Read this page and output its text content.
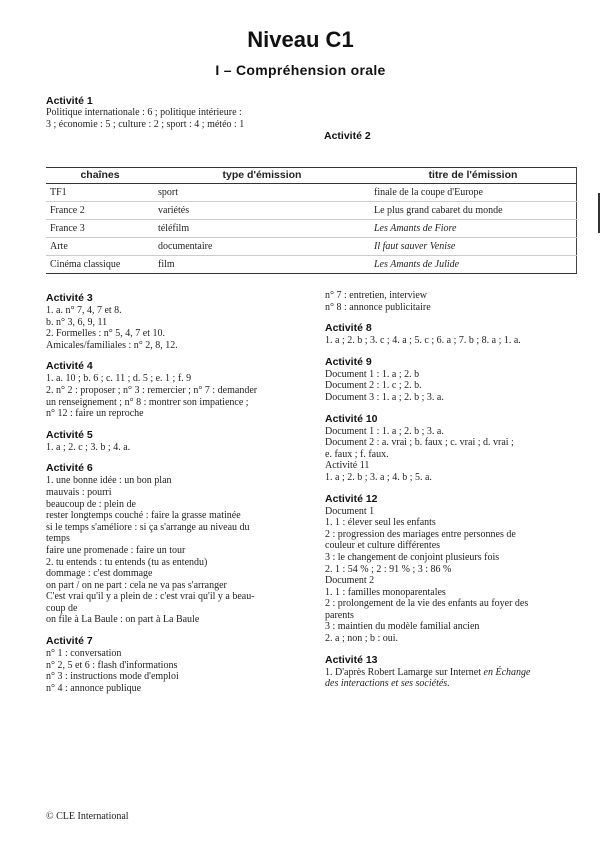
Niveau C1
I – Compréhension orale
Activité 1
Politique internationale : 6 ; politique intérieure :
3 ; économie : 5 ; culture : 2 ; sport : 4 ; météo : 1
Activité 2
chaînes	type d'émission	titre de l'émission
TF1	sport	finale de la coupe d'Europe
France 2	variétés	Le plus grand cabaret du monde
France 3	téléfilm	Les Amants de Fiore
Arte	documentaire	Il faut sauver Venise
Cinéma classique	film	Les Amants de Julide
Activité 3

1. a. n° 7, 4, 7 et 8.

b. n° 3, 6, 9, 11

2. Formelles : n° 5, 4, 7 et 10.

Amicales/familiales : n° 2, 8, 12.

Activité 4

1. a. 10 ; b. 6 ; c. 11 ; d. 5 ; e. 1 ; f. 9

2. n° 2 : proposer ; n° 3 : remercier ; n° 7 : demander

un renseignement ; n° 8 : montrer son impatience ;

n° 12 : faire un reproche

Activité 5

1. a ; 2. c ; 3. b ; 4. a.

Activité 6

1. une bonne idée : un bon plan

mauvais : pourri

beaucoup de : plein de

rester longtemps couché : faire la grasse matinée

si le temps s'améliore : si ça s'arrange au niveau du

temps

faire une promenade : faire un tour

2. tu entends : tu entends (tu as entendu)

dommage : c'est dommage

on part / on ne part : cela ne va pas s'arranger

C'est vrai qu'il y a plein de : c'est vrai qu'il y a beau-

coup de

on file à La Baule : on part à La Baule

Activité 7

n° 1 : conversation

n° 2, 5 et 6 : flash d'informations

n° 3 : instructions mode d'emploi

n° 4 : annonce publique

n° 7 : entretien, interview

n° 8 : annonce publicitaire

Activité 8

1. a ; 2. b ; 3. c ; 4. a ; 5. c ; 6. a ; 7. b ; 8. a ; 1. a.

Activité 9

Document 1 : 1. a ; 2. b

Document 2 : 1. c ; 2. b.

Document 3 : 1. a ; 2. b ; 3. a.

Activité 10

Document 1 : 1. a ; 2. b ; 3. a.

Document 2 : a. vrai ; b. faux ; c. vrai ; d. vrai ;

e. faux ; f. faux.

Activité 11

1. a ; 2. b ; 3. a ; 4. b ; 5. a.

Activité 12

Document 1

1. 1 : élever seul les enfants

2 : progression des mariages entre personnes de

couleur et culture différentes

3 : le changement de conjoint plusieurs fois

2. 1 : 54 % ; 2 : 91 % ; 3 : 86 %

Document 2

1. 1 : familles monoparentales

2 : prolongement de la vie des enfants au foyer des

parents

3 : maintien du modèle familial ancien

2. a ; non ; b : oui.

Activité 13

1. D'après Robert Lamarge sur Internet en Échange

des interactions et ses sociétés.

© CLE International
